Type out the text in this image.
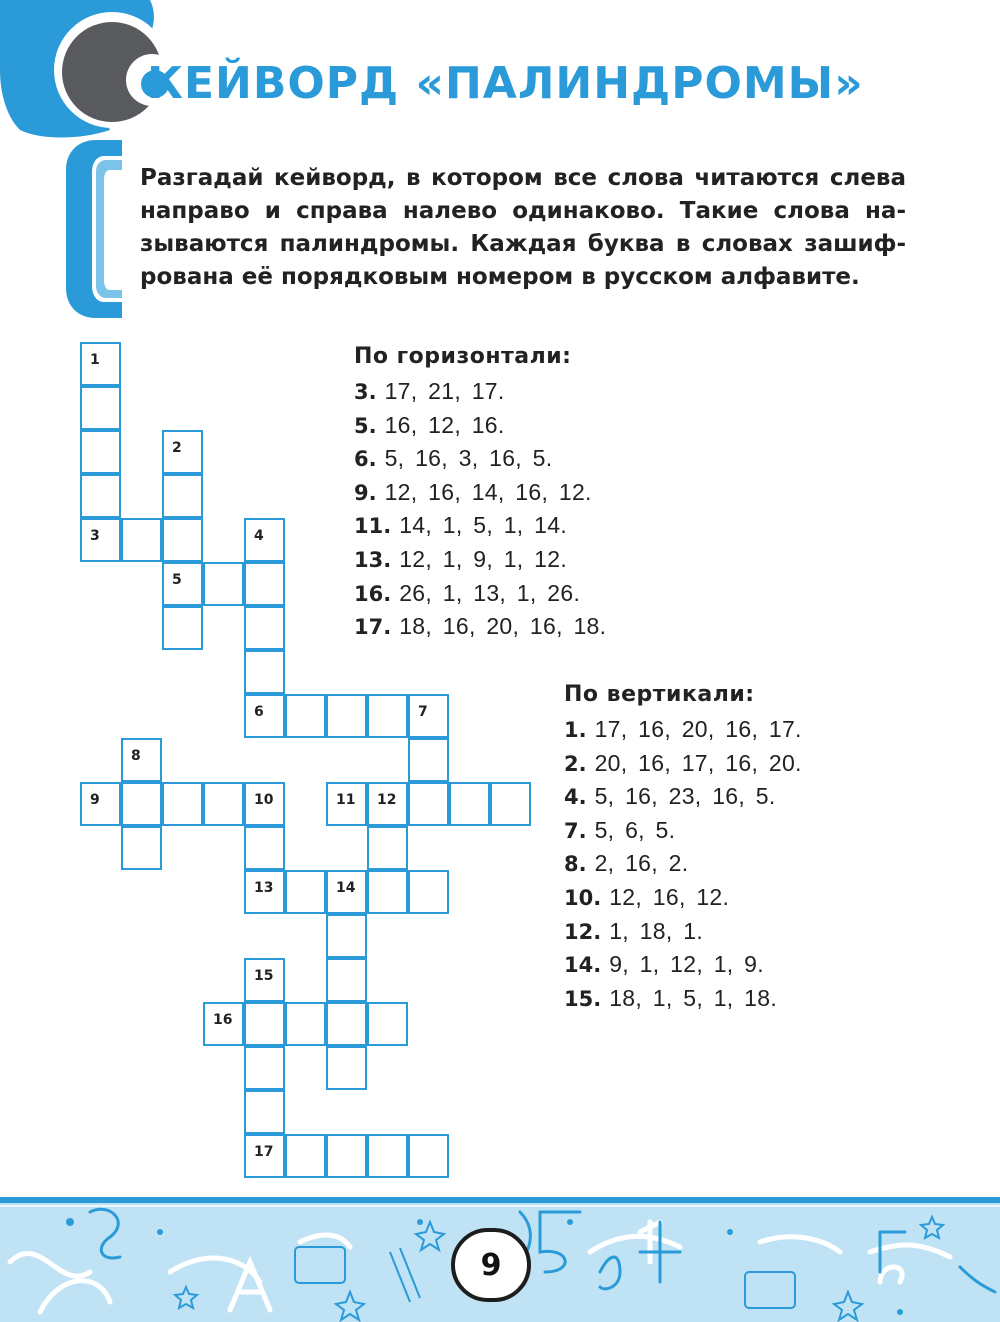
КЕЙВОРД «ПАЛИНДРОМЫ»
Разгадай кейворд, в котором все слова читаются слева
направо и справа налево одинаково. Такие слова на-
зываются палиндромы. Каждая буква в словах зашиф-
рована её порядковым номером в русском алфавите.
1
3
2
5
4
6	7
8
9	10	11 12
13	14
15
16
17
По горизонтали:
3. 17, 21, 17.
5. 16, 12, 16.
6. 5, 16, 3, 16, 5.
9. 12, 16, 14, 16, 12.
11. 14, 1, 5, 1, 14.
13. 12, 1, 9, 1, 12.
16. 26, 1, 13, 1, 26.
17. 18, 16, 20, 16, 18.
По вертикали:
1. 17, 16, 20, 16, 17.
2. 20, 16, 17, 16, 20.
4. 5, 16, 23, 16, 5.
7. 5, 6, 5.
8. 2, 16, 2.
10. 12, 16, 12.
12. 1, 18, 1.
14. 9, 1, 12, 1, 9.
15. 18, 1, 5, 1, 18.
9
